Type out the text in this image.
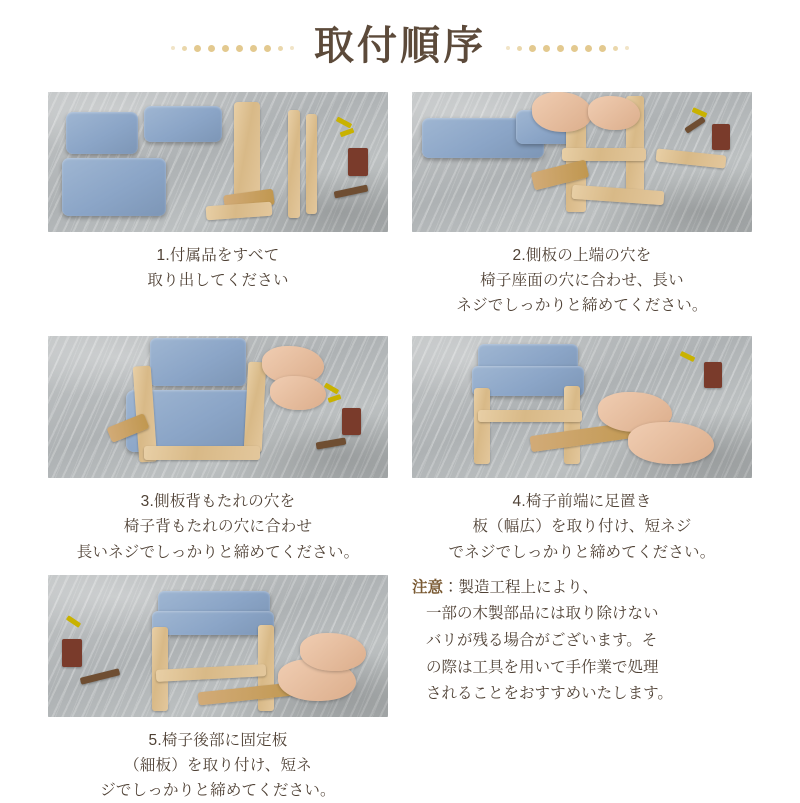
取付順序
1.付属品をすべて
取り出してください
2.側板の上端の穴を
椅子座面の穴に合わせ、長い
ネジでしっかりと締めてください。
3.側板背もたれの穴を
椅子背もたれの穴に合わせ
長いネジでしっかりと締めてください。
4.椅子前端に足置き
板（幅広）を取り付け、短ネジ
でネジでしっかりと締めてください。
5.椅子後部に固定板
（細板）を取り付け、短ネ
ジでしっかりと締めてください。
注意：製造工程上により、
一部の木製部品には取り除けない
バリが残る場合がございます。そ
の際は工具を用いて手作業で処理
されることをおすすめいたします。
